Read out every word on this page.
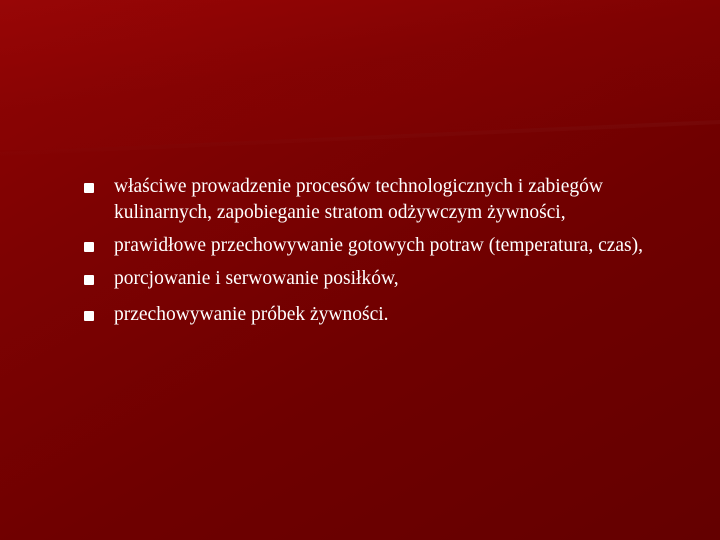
właściwe prowadzenie procesów technologicznych i zabiegów kulinarnych, zapobieganie stratom odżywczym żywności,
prawidłowe przechowywanie gotowych potraw (temperatura, czas),
porcjowanie i serwowanie posiłków,
przechowywanie próbek żywności.
